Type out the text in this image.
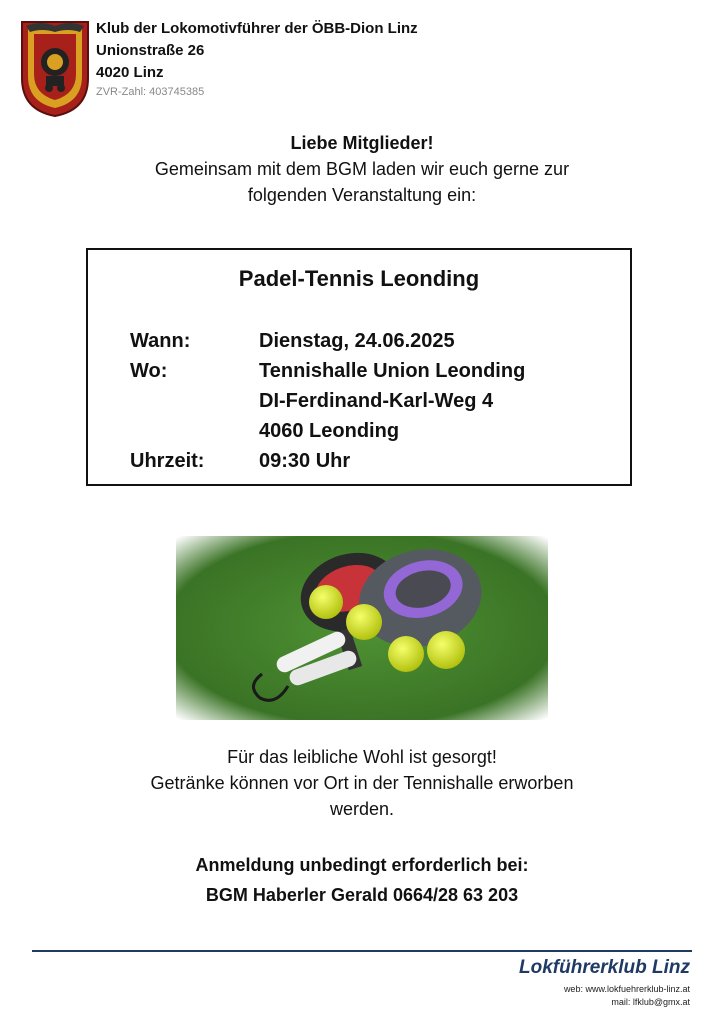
Klub der Lokomotivführer der ÖBB-Dion Linz
Unionstraße 26
4020 Linz
ZVR-Zahl: 403745385
Liebe Mitglieder!
Gemeinsam mit dem BGM laden wir euch gerne zur
folgenden Veranstaltung ein:
Padel-Tennis Leonding
Wann:	Dienstag, 24.06.2025
Wo:	Tennishalle Union Leonding
DI-Ferdinand-Karl-Weg 4
4060 Leonding
Uhrzeit:	09:30 Uhr
Für das leibliche Wohl ist gesorgt!
Getränke können vor Ort in der Tennishalle erworben
werden.
Anmeldung unbedingt erforderlich bei:
BGM Haberler Gerald 0664/28 63 203
Lokführerklub Linz
web: www.lokfuehrerklub-linz.at
mail: lfklub@gmx.at
